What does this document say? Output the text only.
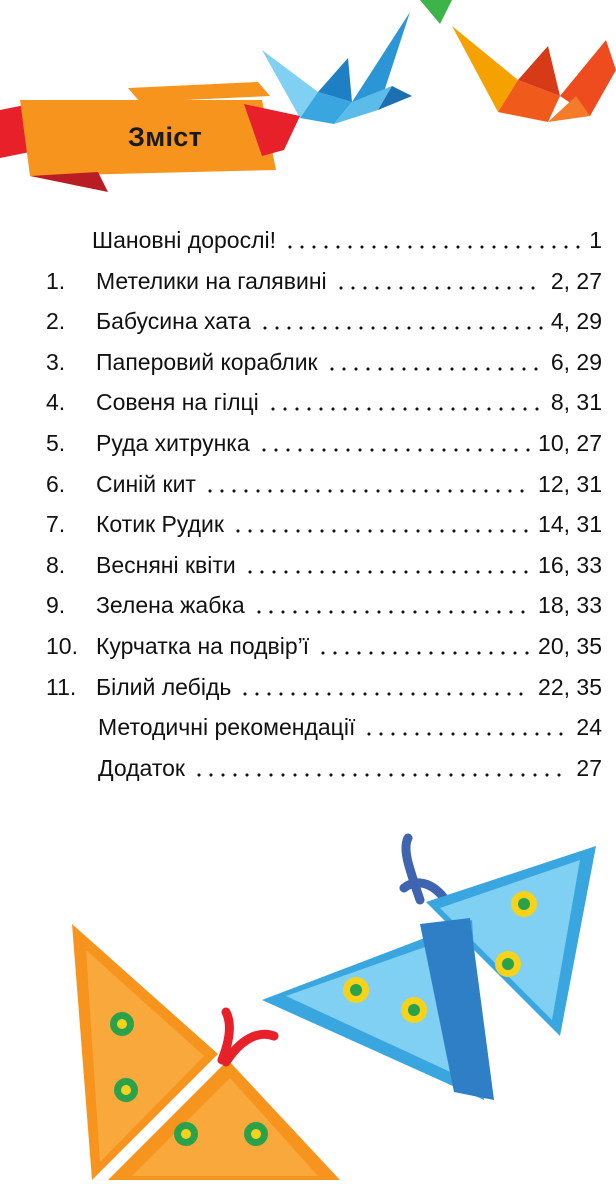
Зміст
Шановні дорослі!	1
1. Метелики на галявині	2, 27
2. Бабусина хата	4, 29
3. Паперовий кораблик	6, 29
4. Совеня на гілці	8, 31
5. Руда хитрунка	10, 27
6. Синій кит	12, 31
7. Котик Рудик	14, 31
8. Весняні квіти	16, 33
9. Зелена жабка	18, 33
10. Курчатка на подвір’ї	20, 35
11. Білий лебідь	22, 35
Методичні рекомендації	24
Додаток	27
